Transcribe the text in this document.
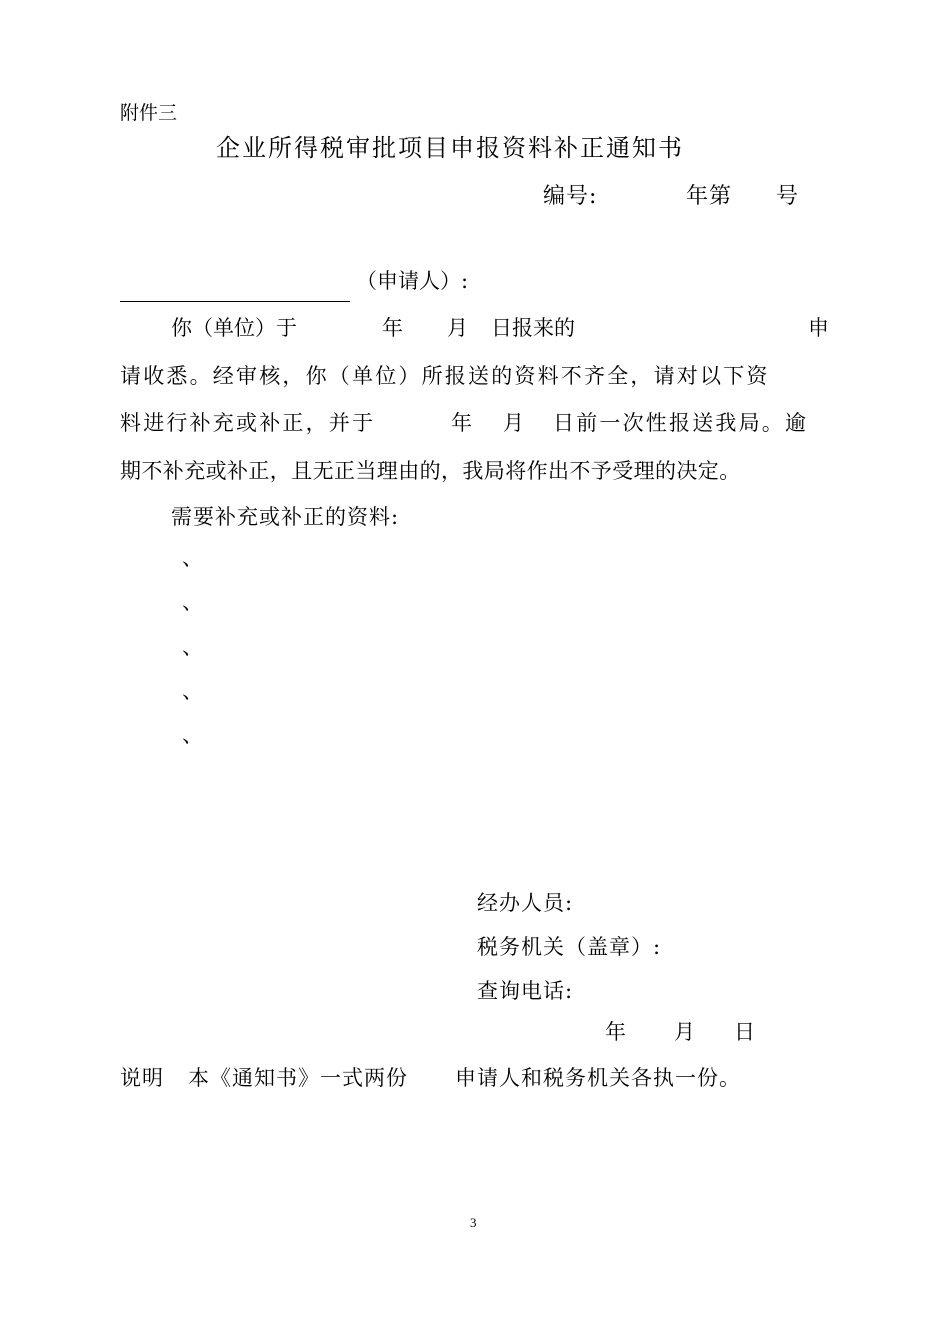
附件三
企业所得税审批项目申报资料补正通知书
编号:	年第 号
（申请人）:
你（单位）于	年 月 日报来的	申
请收悉。经审核，你（单位）所报送的资料不齐全，请对以下资
料进行补充或补正，并于	年 月 日前一次性报送我局。逾
期不补充或补正，且无正当理由的，我局将作出不予受理的决定。
需要补充或补正的资料:
、
、
、
、
、
经办人员:
税务机关（盖章）:
查询电话:
年 月 日
说明 本《通知书》一式两份 申请人和税务机关各执一份。
3
